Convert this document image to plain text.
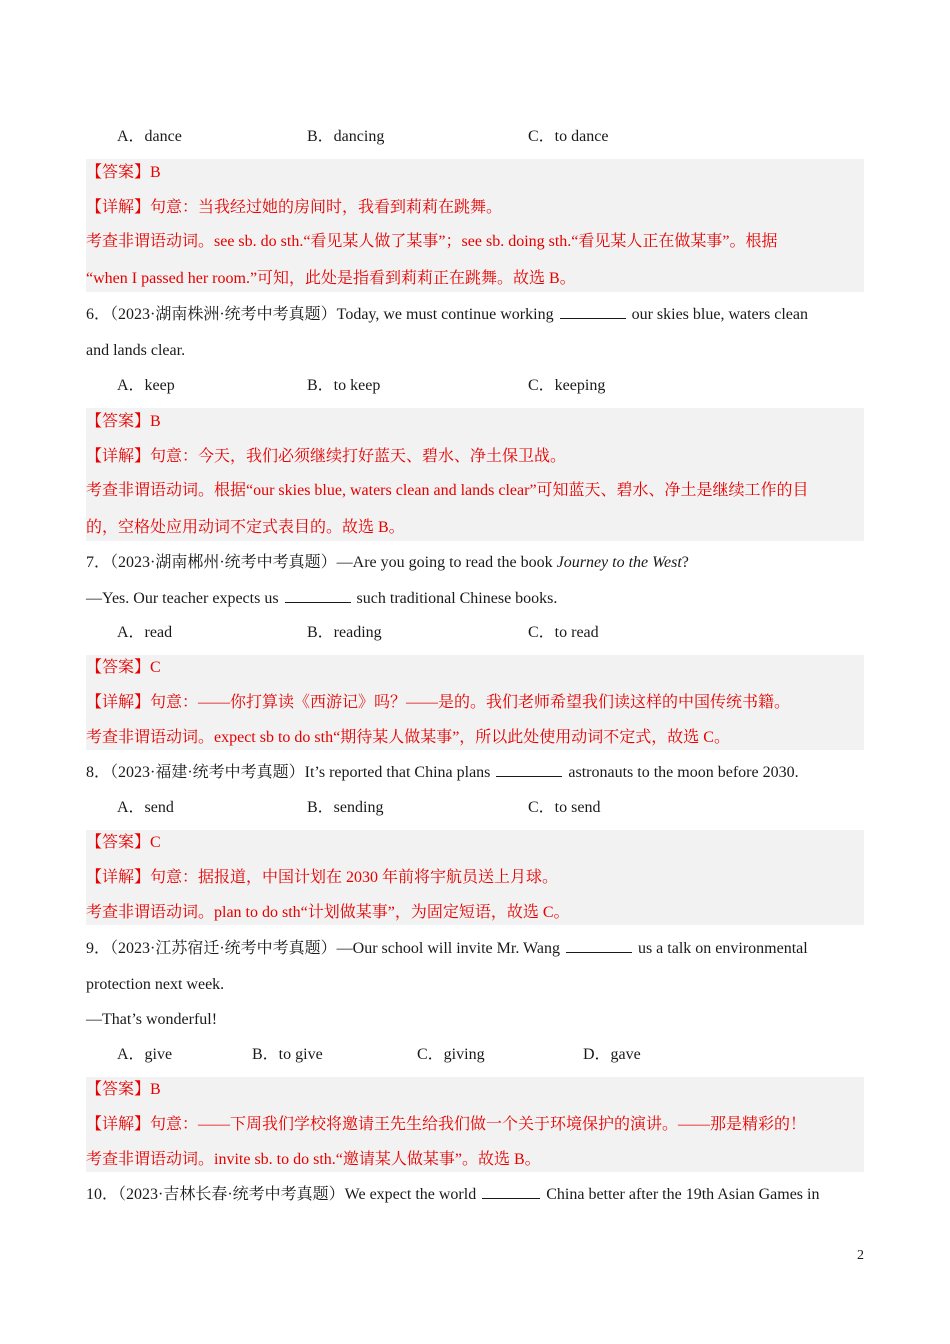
A．dance	B．dancing	C．to dance
【答案】B
【详解】句意：当我经过她的房间时，我看到莉莉在跳舞。
考查非谓语动词。see sb. do sth.“看见某人做了某事”；see sb. doing sth.“看见某人正在做某事”。根据
“when I passed her room.”可知，此处是指看到莉莉正在跳舞。故选 B。
6．（2023·湖南株洲·统考中考真题）Today, we must continue working	our skies blue, waters clean
and lands clear.
A．keep	B．to keep	C．keeping
【答案】B
【详解】句意：今天，我们必须继续打好蓝天、碧水、净土保卫战。
考查非谓语动词。根据“our skies blue, waters clean and lands clear”可知蓝天、碧水、净土是继续工作的目
的，空格处应用动词不定式表目的。故选 B。
7．（2023·湖南郴州·统考中考真题）—Are you going to read the book Journey to the West?
—Yes. Our teacher expects us	such traditional Chinese books.
A．read	B．reading	C．to read
【答案】C
【详解】句意：——你打算读《西游记》吗？——是的。我们老师希望我们读这样的中国传统书籍。
考查非谓语动词。expect sb to do sth“期待某人做某事”，所以此处使用动词不定式，故选 C。
8．（2023·福建·统考中考真题）It’s reported that China plans	astronauts to the moon before 2030.
A．send	B．sending	C．to send
【答案】C
【详解】句意：据报道，中国计划在 2030 年前将宇航员送上月球。
考查非谓语动词。plan to do sth“计划做某事”，为固定短语，故选 C。
9．（2023·江苏宿迁·统考中考真题）—Our school will invite Mr. Wang	us a talk on environmental
protection next week.
—That’s wonderful!
A．give	B．to give	C．giving	D．gave
【答案】B
【详解】句意：——下周我们学校将邀请王先生给我们做一个关于环境保护的演讲。——那是精彩的！
考查非谓语动词。invite sb. to do sth.“邀请某人做某事”。故选 B。
10．（2023·吉林长春·统考中考真题）We expect the world	China better after the 19th Asian Games in
2
